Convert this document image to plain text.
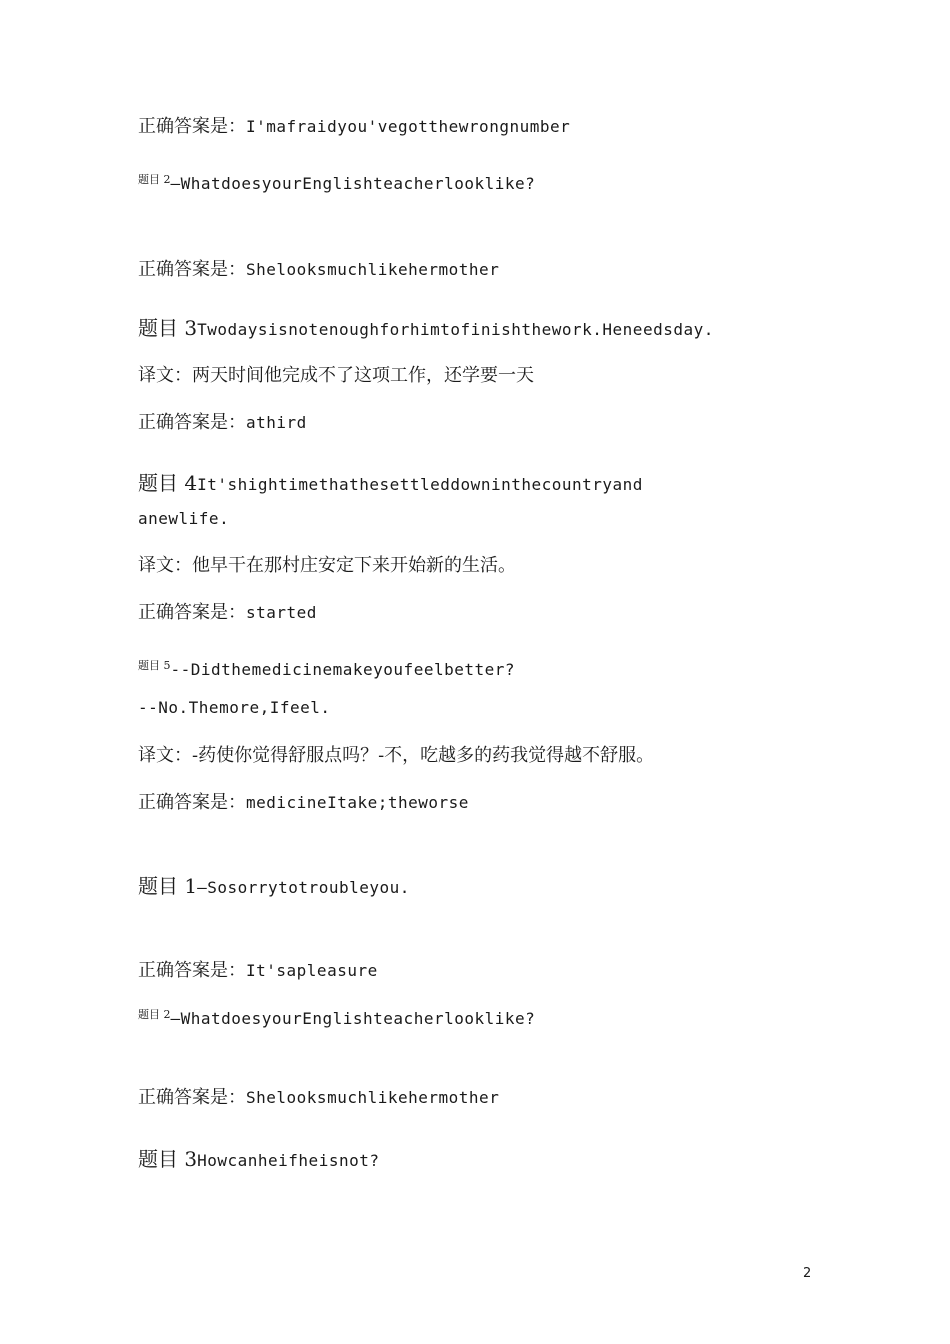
正确答案是：I'mafraidyou'vegotthewrongnumber
$^{题目 2}$—WhatdoesyourEnglishteacherlooklike?
正确答案是：Shelooksmuchlikehermother
题目 3Twodaysisnotenoughforhimtofinishthework.Heneedsday.
译文：两天时间他完成不了这项工作，还学要一天
正确答案是：athird
题目 4It'shightimethathesettleddowninthecountryand
anewlife.
译文：他早干在那村庄安定下来开始新的生活。
正确答案是：started
$^{题目 5}$--Didthemedicinemakeyoufeelbetter?
--No.Themore,Ifeel.
译文：-药使你觉得舒服点吗？-不，吃越多的药我觉得越不舒服。
正确答案是：medicineItake;theworse
题目 1—Sosorrytotroubleyou.
正确答案是：It'sapleasure
$^{题目 2}$—WhatdoesyourEnglishteacherlooklike?
正确答案是：Shelooksmuchlikehermother
题目 3Howcanheifheisnot?
2
